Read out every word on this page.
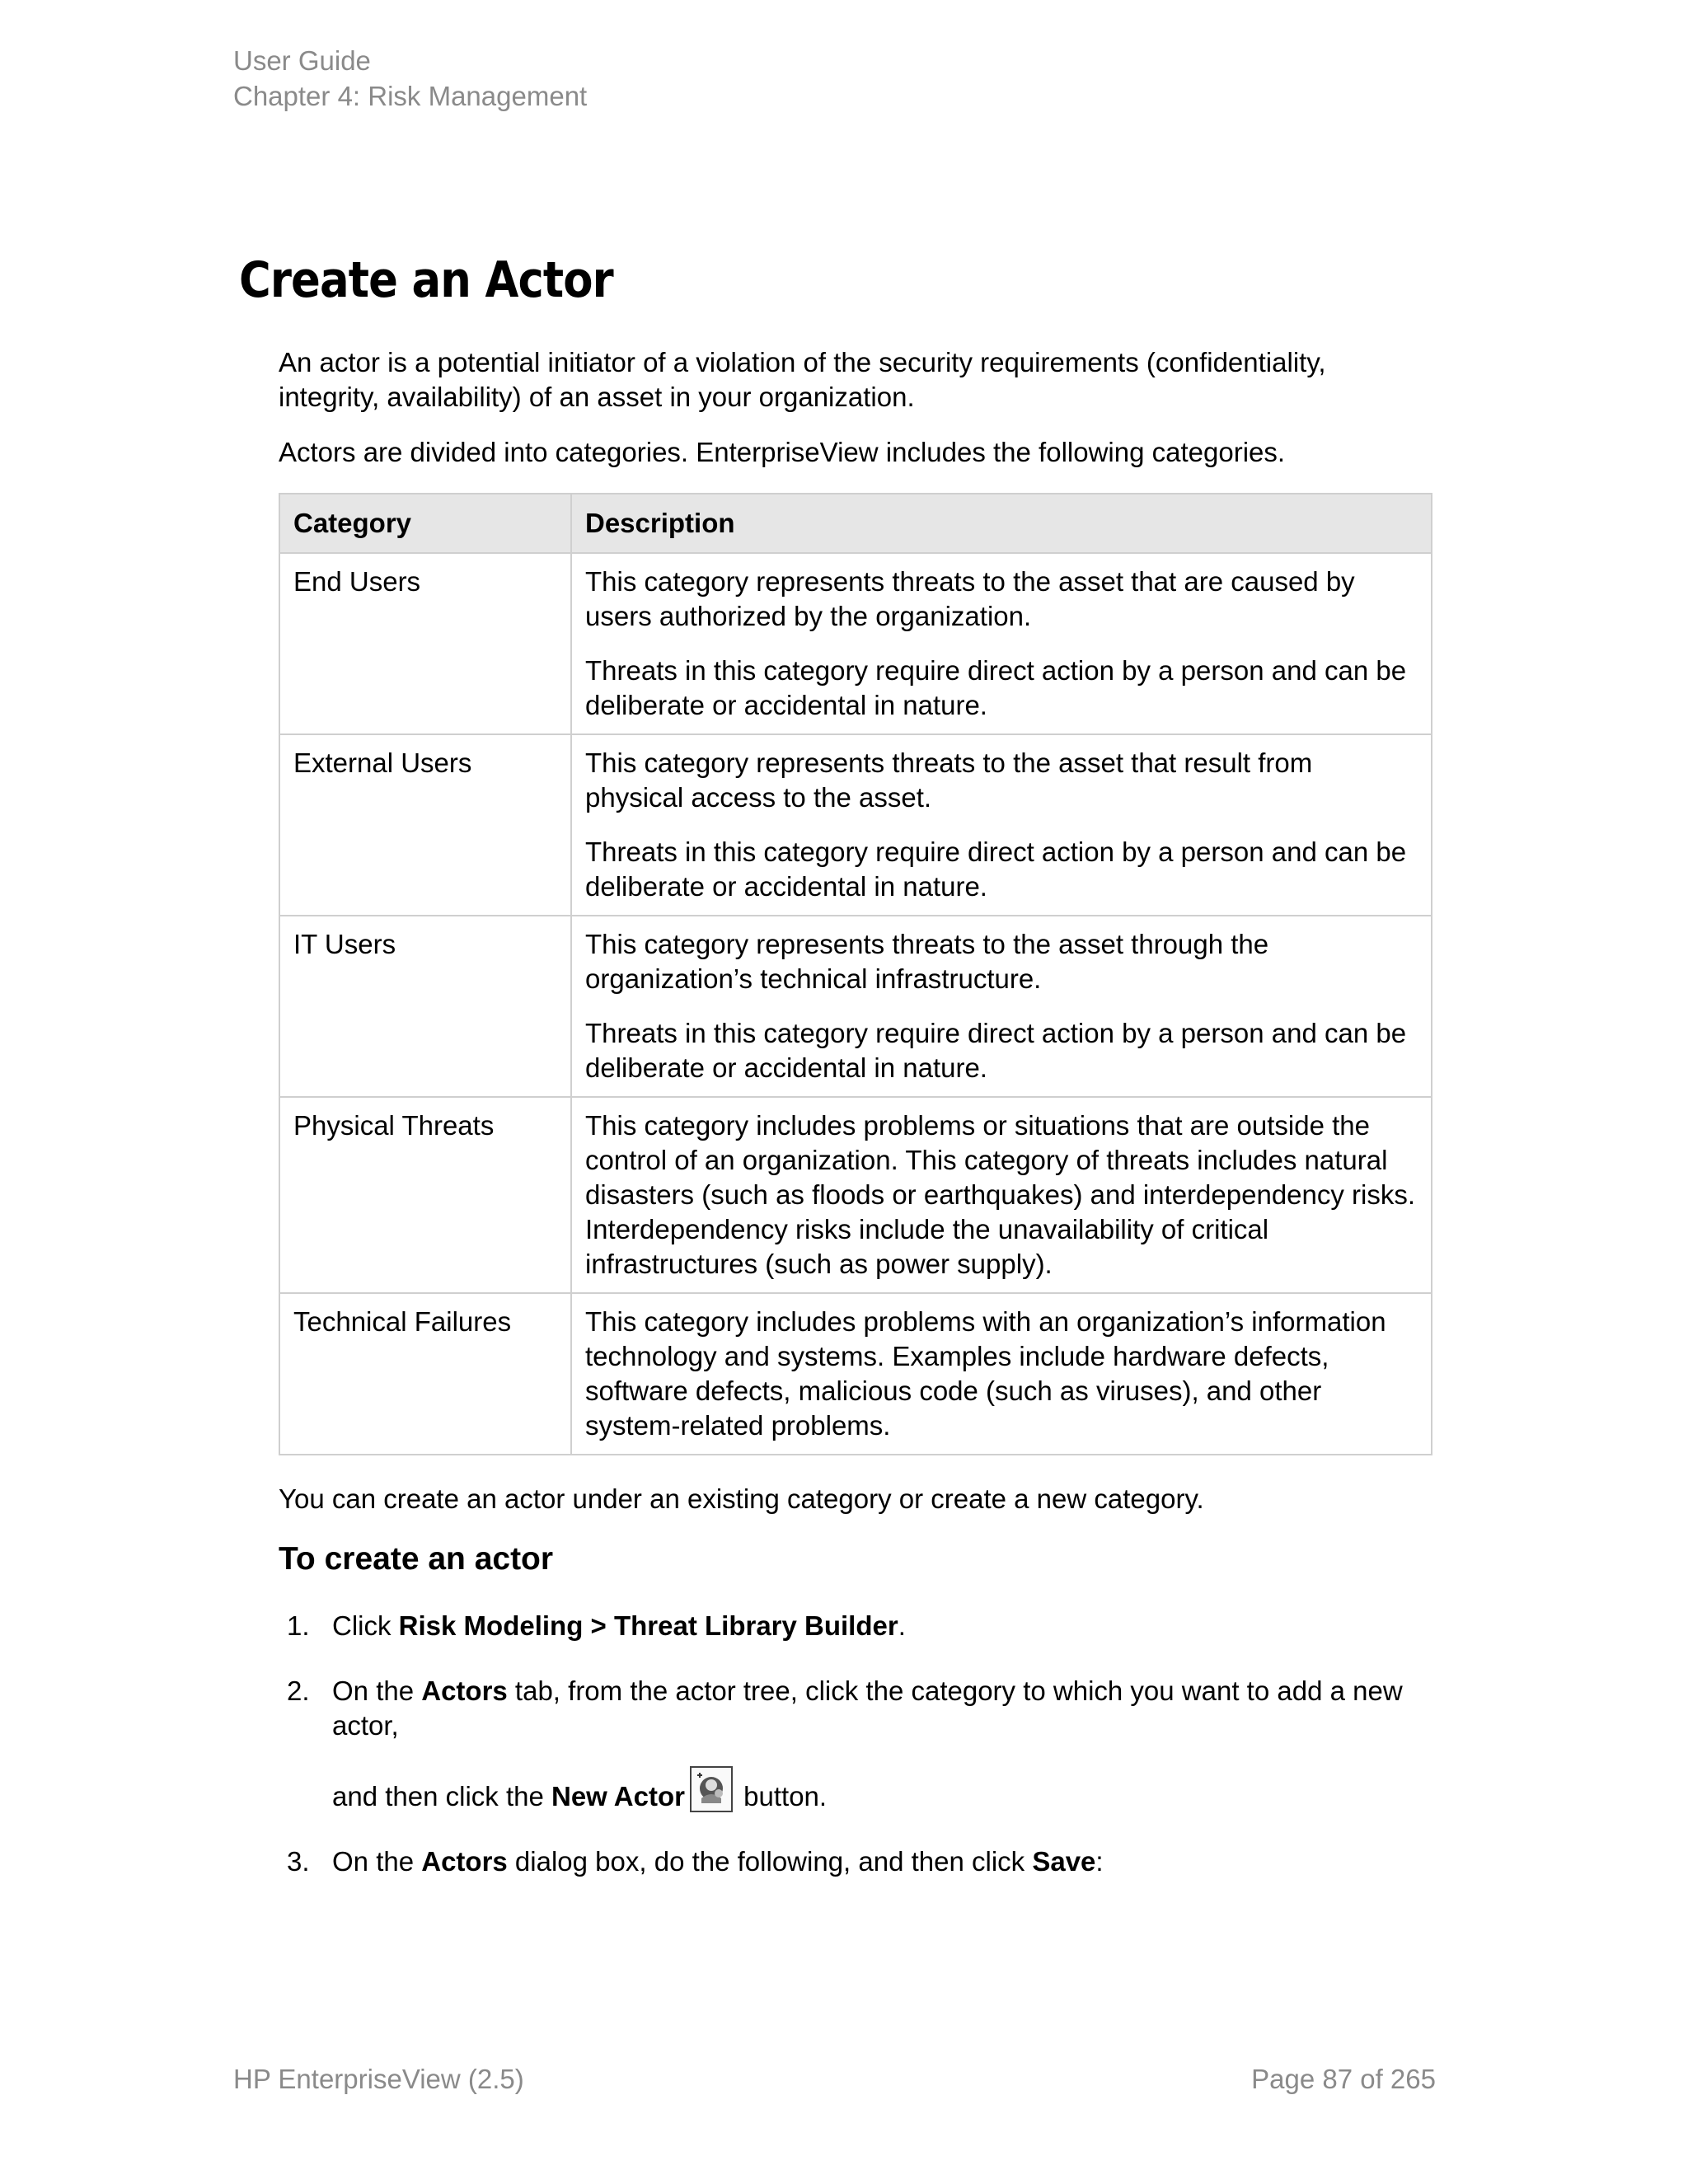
User Guide
Chapter 4: Risk Management
Create an Actor

An actor is a potential initiator of a violation of the security requirements (confidentiality, integrity, availability) of an asset in your organization.

Actors are divided into categories. EnterpriseView includes the following categories.

Category	Description
End Users	This category represents threats to the asset that are caused by users authorized by the organization.

Threats in this category require direct action by a person and can be deliberate or accidental in nature.

External Users	This category represents threats to the asset that result from physical access to the asset.

Threats in this category require direct action by a person and can be deliberate or accidental in nature.

IT Users	This category represents threats to the asset through the organization’s technical infrastructure.

Threats in this category require direct action by a person and can be deliberate or accidental in nature.

Physical Threats	This category includes problems or situations that are outside the control of an organization. This category of threats includes natural disasters (such as floods or earthquakes) and interdependency risks. Interdependency risks include the unavailability of critical infrastructures (such as power supply).

Technical Failures	This category includes problems with an organization’s information technology and systems. Examples include hardware defects, software defects, malicious code (such as viruses), and other system-related problems.

You can create an actor under an existing category or create a new category.

To create an actor
1. Click Risk Modeling > Threat Library Builder.
2. On the Actors tab, from the actor tree, click the category to which you want to add a new actor,
and then click the New Actor
button.
3. On the Actors dialog box, do the following, and then click Save:
HP EnterpriseView (2.5)	Page 87 of 265
